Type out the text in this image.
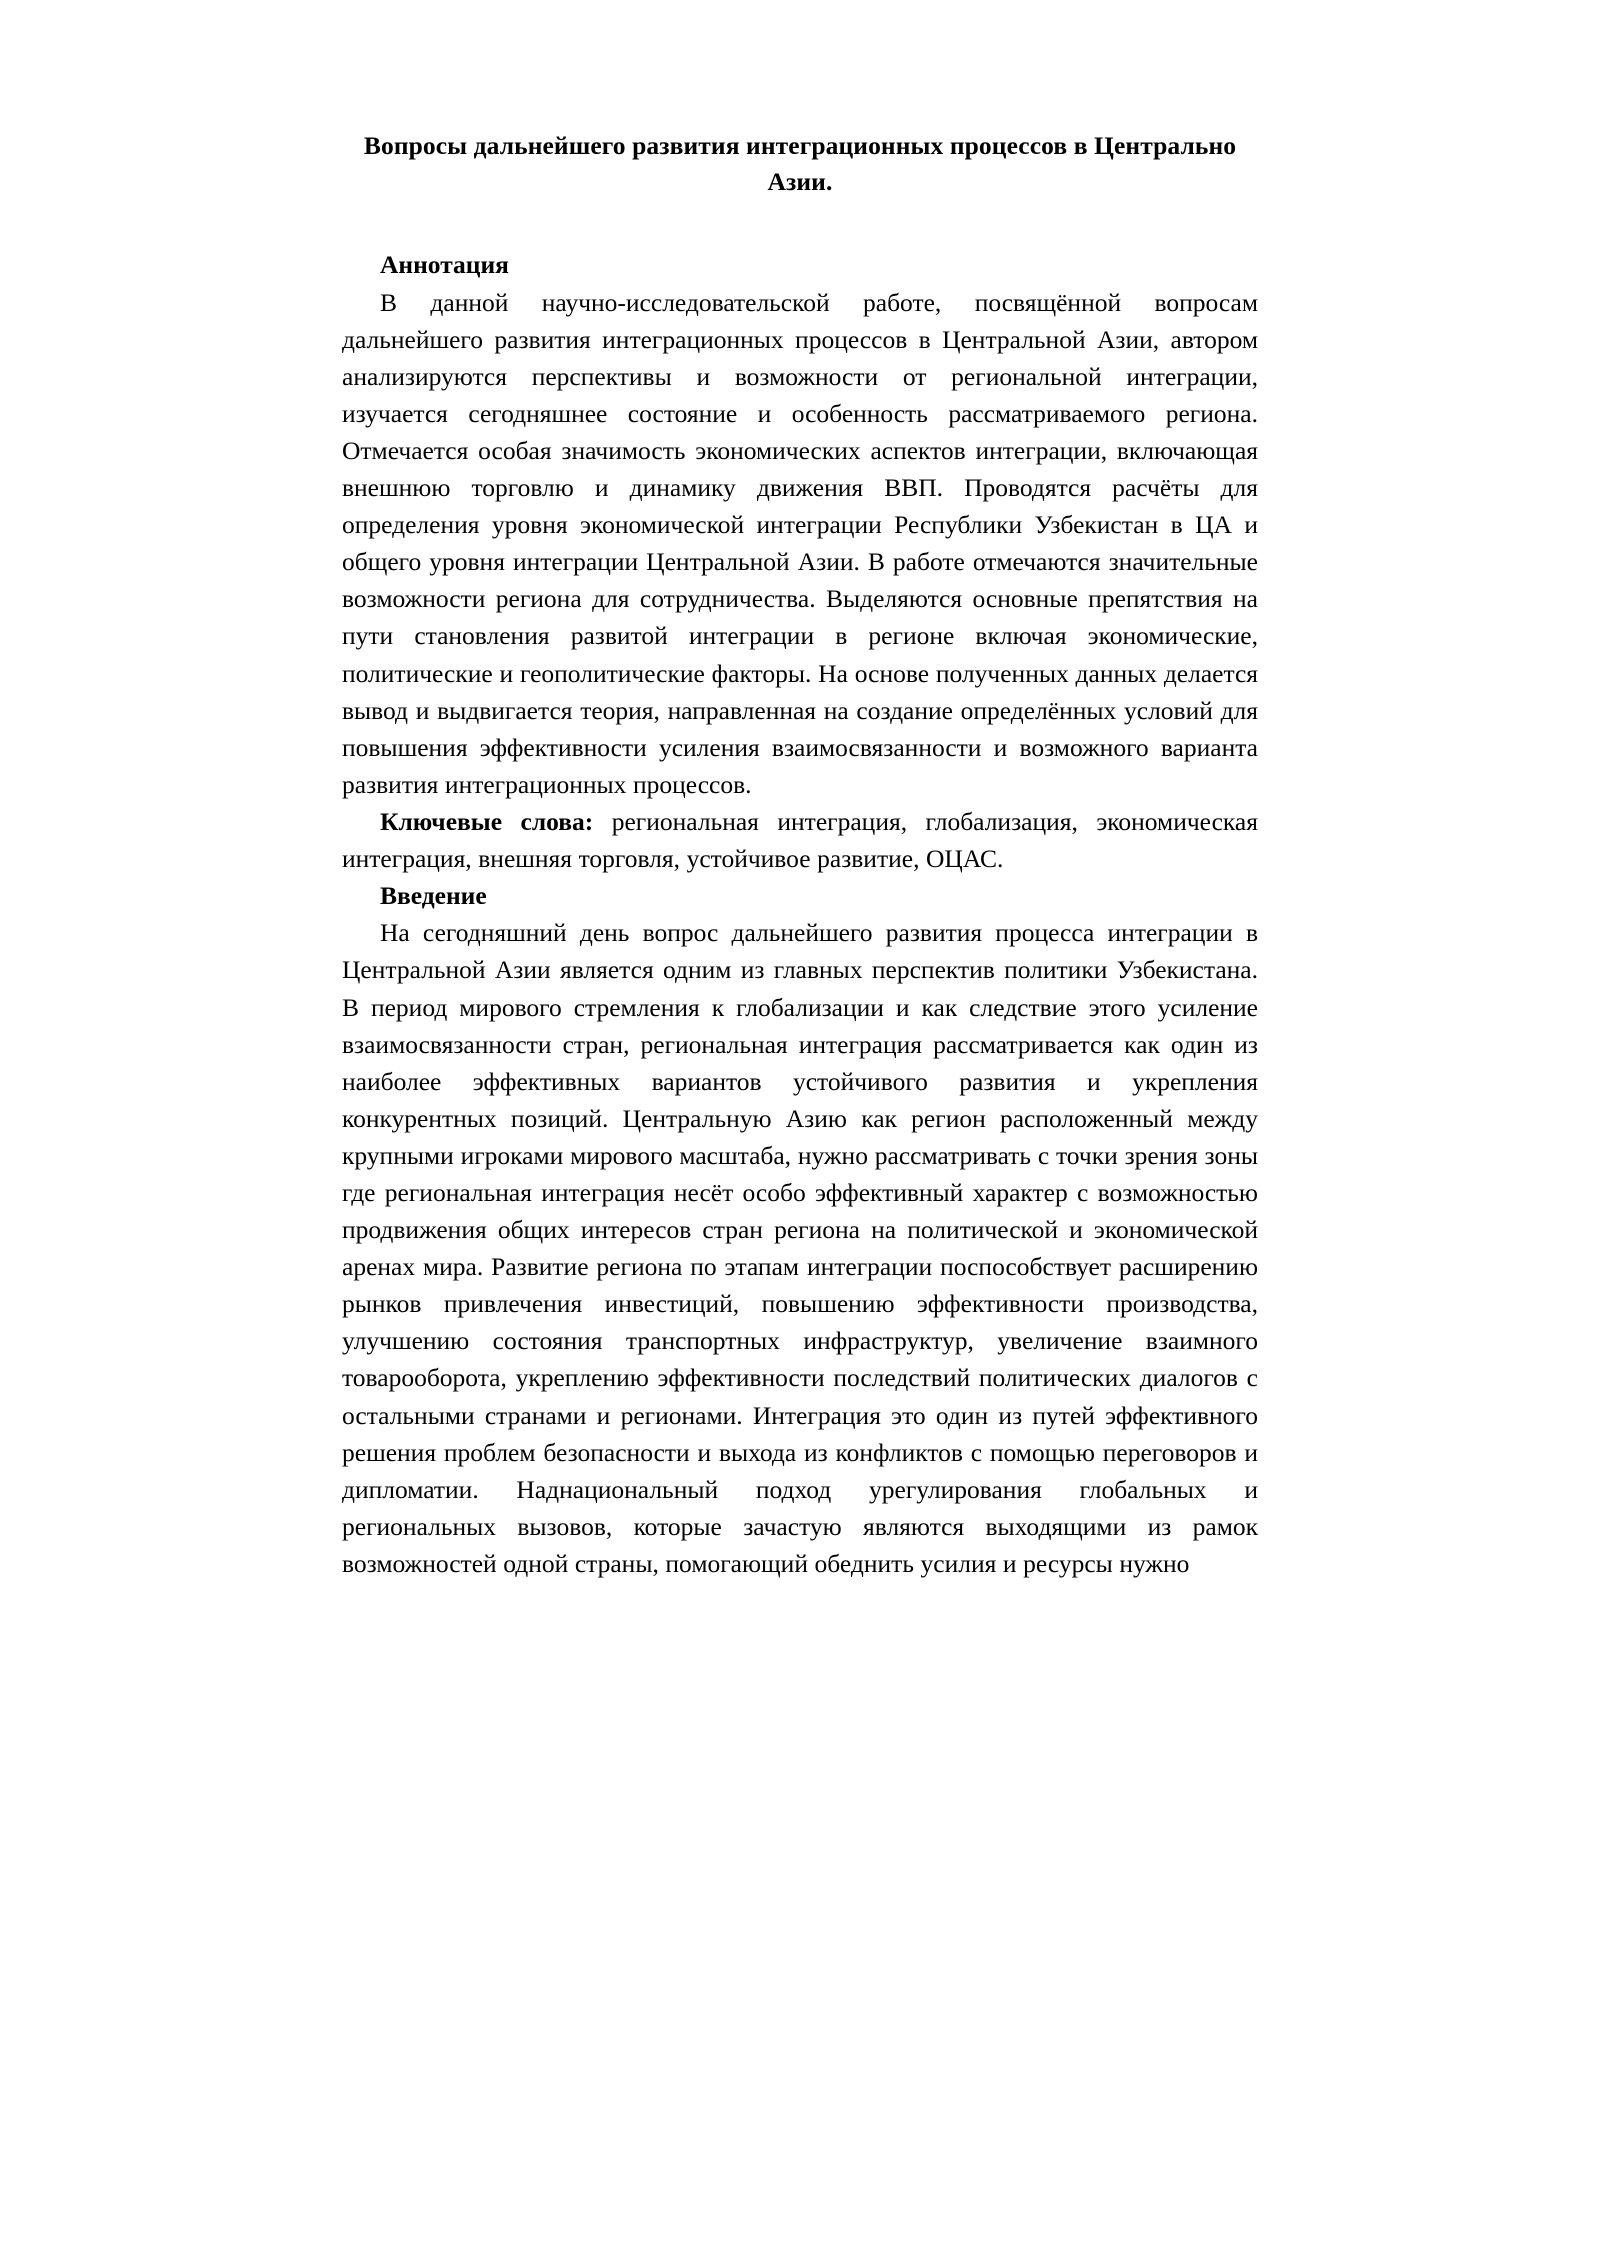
Вопросы дальнейшего развития интеграционных процессов в Центрально Азии.
Аннотация

В данной научно-исследовательской работе, посвящённой вопросам дальнейшего развития интеграционных процессов в Центральной Азии, автором анализируются перспективы и возможности от региональной интеграции, изучается сегодняшнее состояние и особенность рассматриваемого региона. Отмечается особая значимость экономических аспектов интеграции, включающая внешнюю торговлю и динамику движения ВВП. Проводятся расчёты для определения уровня экономической интеграции Республики Узбекистан в ЦА и общего уровня интеграции Центральной Азии. В работе отмечаются значительные возможности региона для сотрудничества. Выделяются основные препятствия на пути становления развитой интеграции в регионе включая экономические, политические и геополитические факторы. На основе полученных данных делается вывод и выдвигается теория, направленная на создание определённых условий для повышения эффективности усиления взаимосвязанности и возможного варианта развития интеграционных процессов.

Ключевые слова: региональная интеграция, глобализация, экономическая интеграция, внешняя торговля, устойчивое развитие, ОЦАС.

Введение

На сегодняшний день вопрос дальнейшего развития процесса интеграции в Центральной Азии является одним из главных перспектив политики Узбекистана. В период мирового стремления к глобализации и как следствие этого усиление взаимосвязанности стран, региональная интеграция рассматривается как один из наиболее эффективных вариантов устойчивого развития и укрепления конкурентных позиций. Центральную Азию как регион расположенный между крупными игроками мирового масштаба, нужно рассматривать с точки зрения зоны где региональная интеграция несёт особо эффективный характер с возможностью продвижения общих интересов стран региона на политической и экономической аренах мира. Развитие региона по этапам интеграции поспособствует расширению рынков привлечения инвестиций, повышению эффективности производства, улучшению состояния транспортных инфраструктур, увеличение взаимного товарооборота, укреплению эффективности последствий политических диалогов с остальными странами и регионами. Интеграция это один из путей эффективного решения проблем безопасности и выхода из конфликтов с помощью переговоров и дипломатии. Наднациональный подход урегулирования глобальных и региональных вызовов, которые зачастую являются выходящими из рамок возможностей одной страны, помогающий обеднить усилия и ресурсы нужно
